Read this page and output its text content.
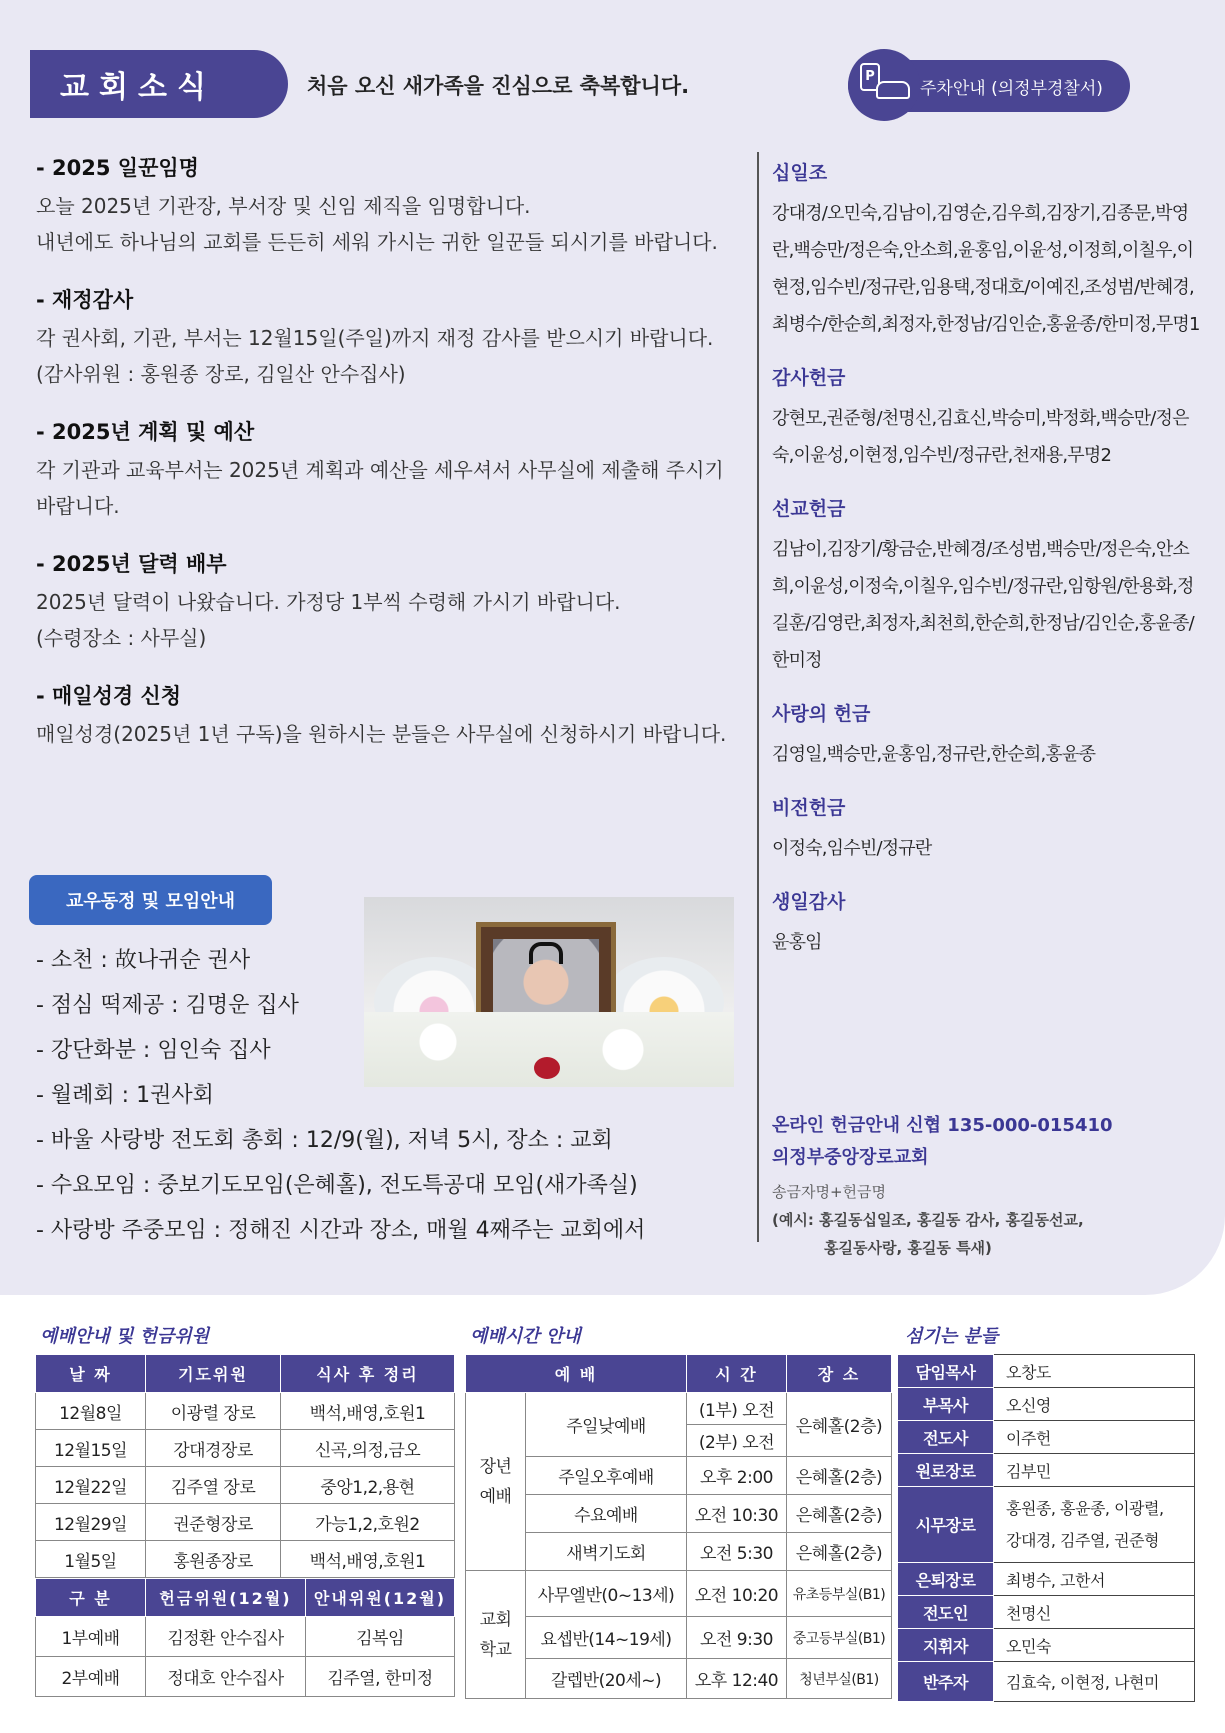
교회소식	처음 오신 새가족을 진심으로 축복합니다.	주차안내 (의정부경찰서)
P
- 2025 일꾼임명
오늘 2025년 기관장, 부서장 및 신임 제직을 임명합니다.
내년에도 하나님의 교회를 든든히 세워 가시는 귀한 일꾼들 되시기를 바랍니다.
- 재정감사
각 권사회, 기관, 부서는 12월15일(주일)까지 재정 감사를 받으시기 바랍니다. (감사위원 : 홍원종 장로, 김일산 안수집사)
- 2025년 계획 및 예산
각 기관과 교육부서는 2025년 계획과 예산을 세우셔서 사무실에 제출해 주시기 바랍니다.
- 2025년 달력 배부
2025년 달력이 나왔습니다. 가정당 1부씩 수령해 가시기 바랍니다.
(수령장소 : 사무실)
- 매일성경 신청
매일성경(2025년 1년 구독)을 원하시는 분들은 사무실에 신청하시기 바랍니다.
십일조
강대경/오민숙,김남이,김영순,김우희,김장기,김종문,박영란,백승만/정은숙,안소희,윤홍임,이윤성,이정희,이칠우,이현정,임수빈/정규란,임용택,정대호/이예진,조성범/반혜경,최병수/한순희,최정자,한정남/김인순,홍윤종/한미정,무명1
감사헌금
강현모,권준형/천명신,김효신,박승미,박정화,백승만/정은숙,이윤성,이현정,임수빈/정규란,천재용,무명2
선교헌금
김남이,김장기/황금순,반혜경/조성범,백승만/정은숙,안소희,이윤성,이정숙,이칠우,임수빈/정규란,임항원/한용화,정길훈/김영란,최정자,최천희,한순희,한정남/김인순,홍윤종/한미정
사랑의 헌금
김영일,백승만,윤홍임,정규란,한순희,홍윤종
비전헌금
이정숙,임수빈/정규란
생일감사
윤홍임
온라인 헌금안내 신협 135-000-015410
의정부중앙장로교회
송금자명+헌금명
(예시: 홍길동십일조, 홍길동 감사, 홍길동선교,
홍길동사랑, 홍길동 특새)
교우동정 및 모임안내
- 소천 : 故나귀순 권사
- 점심 떡제공 : 김명운 집사
- 강단화분 : 임인숙 집사
- 월례회 : 1권사회
- 바울 사랑방 전도회 총회 : 12/9(월), 저녁 5시, 장소 : 교회
- 수요모임 : 중보기도모임(은혜홀), 전도특공대 모임(새가족실)
- 사랑방 주중모임 : 정해진 시간과 장소, 매월 4째주는 교회에서
예배안내 및 헌금위원	예배시간 안내	섬기는 분들
날 짜	기도위원	식사 후 정리
12월8일	이광렬 장로	백석,배영,호원1
12월15일	강대경장로	신곡,의정,금오
12월22일	김주열 장로	중앙1,2,용현
12월29일	권준형장로	가능1,2,호원2
1월5일	홍원종장로	백석,배영,호원1
구 분	헌금위원(12월)	안내위원(12월)
1부예배	김정환 안수집사	김복임
2부예배	정대호 안수집사	김주열, 한미정
예 배		시 간	장 소
장년
예배	주일낮예배	(1부) 오전	은혜홀(2층)
		(2부) 오전	
	주일오후예배	오후 2:00	은혜홀(2층)
	수요예배	오전 10:30	은혜홀(2층)
	새벽기도회	오전 5:30	은혜홀(2층)
교회
학교	사무엘반(0~13세)	오전 10:20	유초등부실(B1)
	요셉반(14~19세)	오전 9:30	중고등부실(B1)
	갈렙반(20세~)	오후 12:40	청년부실(B1)
담임목사	오창도
부목사	오신영
전도사	이주헌
원로장로	김부민
시무장로	홍원종, 홍윤종, 이광렬,
강대경, 김주열, 권준형
은퇴장로	최병수, 고한서
전도인	천명신
지휘자	오민숙
반주자	김효숙, 이현정, 나현미
